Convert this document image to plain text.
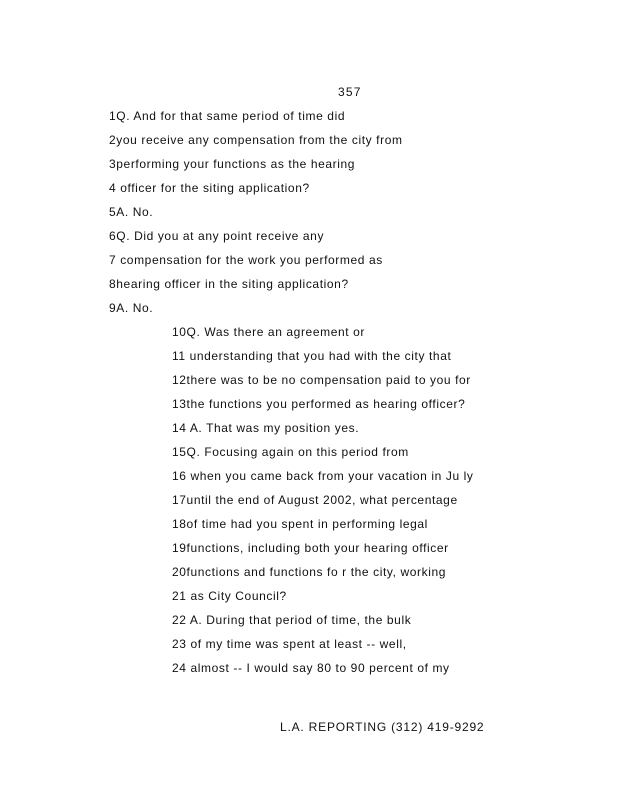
357
1Q. And for that same period of time did
2you receive any compensation from the city from
3performing your functions as the hearing
4 officer for the siting application?
5A. No.
6Q. Did you at any point receive any
7 compensation for the work you performed as
8hearing officer in the siting application?
9A. No.
10Q. Was there an agreement or
11 understanding that you had with the city that
12there was to be no compensation paid to you for
13the functions you performed as hearing officer?
14 A. That was my position yes.
15Q. Focusing again on this period from
16 when you came back from your vacation in Ju ly
17until the end of August 2002, what percentage
18of time had you spent in performing legal
19functions, including both your hearing officer
20functions and functions fo r the city, working
21 as City Council?
22 A. During that period of time, the bulk
23 of my time was spent at least -- well,
24 almost -- I would say 80 to 90 percent of my
L.A. REPORTING (312) 419-9292
